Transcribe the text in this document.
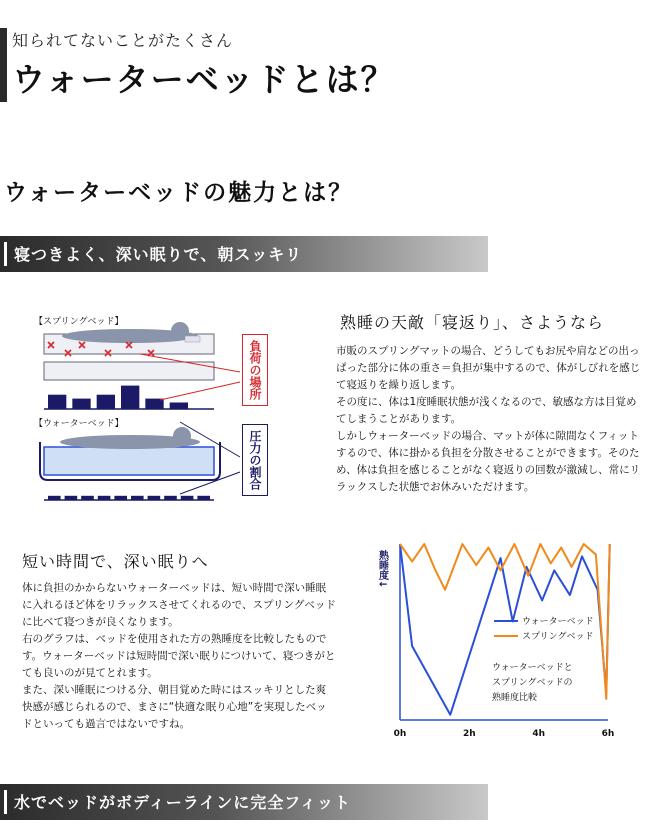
知られてないことがたくさん
ウォーターベッドとは？
ウォーターベッドの魅力とは？
寝つきよく、深い眠りで、朝スッキリ
【スプリングベッド】
【ウォーターベッド】
負荷の場所
圧力の割合
熟睡の天敵「寝返り」、さようなら

市販のスプリングマットの場合、どうしてもお尻や肩などの出っぱった部分に体の重さ＝負担が集中するので、体がしびれを感じて寝返りを繰り返します。

その度に、体は1度睡眠状態が浅くなるので、敏感な方は目覚めてしまうことがあります。

しかしウォーターベッドの場合、マットが体に隙間なくフィットするので、体に掛かる負担を分散させることができます。そのため、体は負担を感じることがなく寝返りの回数が激減し、常にリラックスした状態でお休みいただけます。

短い時間で、深い眠りへ

体に負担のかからないウォーターベッドは、短い時間で深い睡眠に入れるほど体をリラックスさせてくれるので、スプリングベッドに比べて寝つきが良くなります。

右のグラフは、ベッドを使用された方の熟睡度を比較したものです。ウォーターベッドは短時間で深い眠りにつけいて、寝つきがとても良いのが見てとれます。

また、深い睡眠につける分、朝目覚めた時にはスッキリとした爽快感が感じられるので、まさに“快適な眠り心地”を実現したベッドといっても過言ではないですね。

熟睡度↓
0h	2h	4h	6h
ウォーターベッド
スプリングベッド
ウォーターベッドと
スプリングベッドの
熟睡度比較
水でベッドがボディーラインに完全フィット
